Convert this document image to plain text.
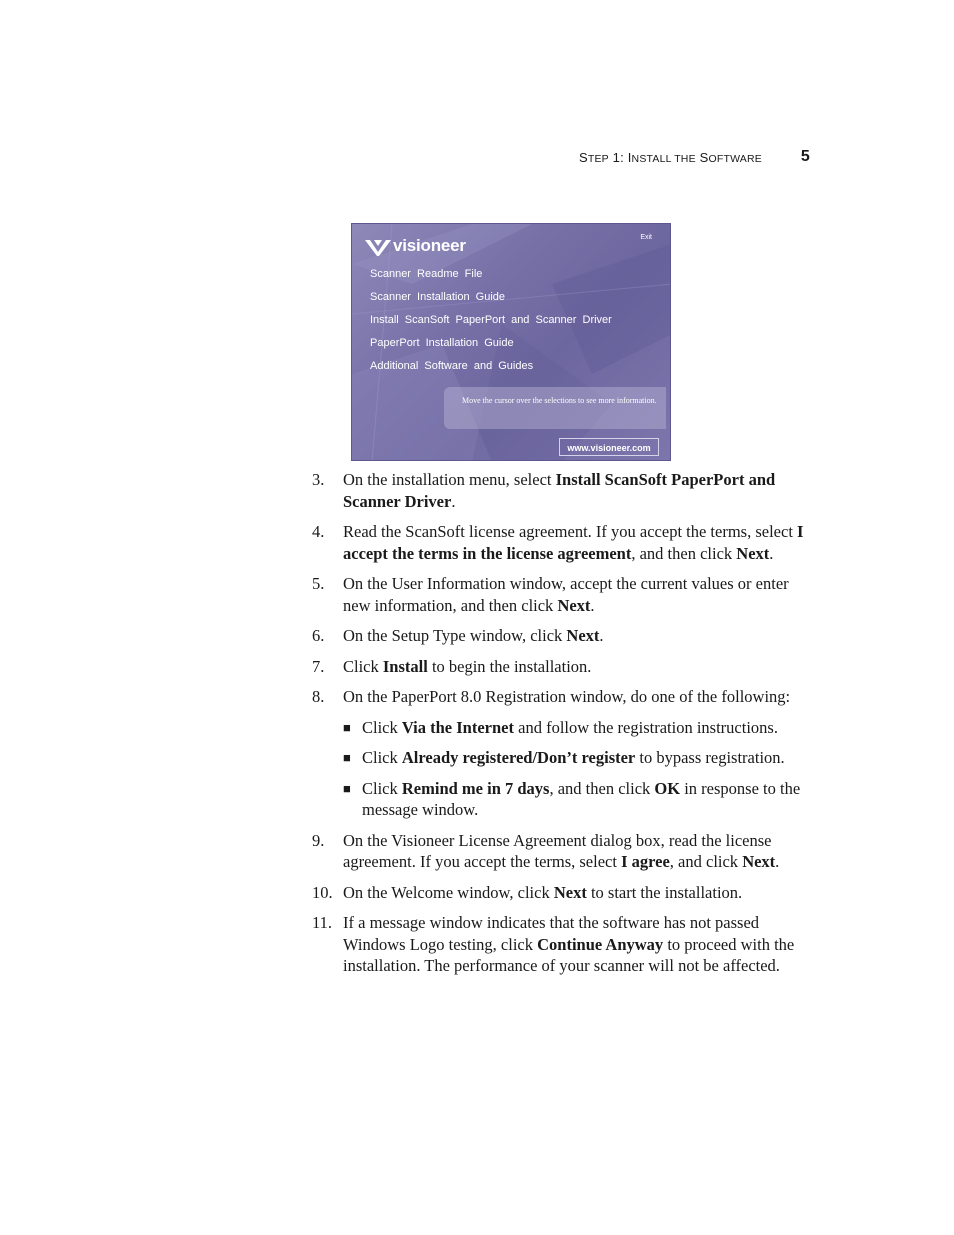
STEP 1: INSTALL THE SOFTWARE 5
visioneer	Exit
Scanner Readme File
Scanner Installation Guide
Install ScanSoft PaperPort and Scanner Driver
PaperPort Installation Guide
Additional Software and Guides
Move the cursor over the selections to see more information.
www.visioneer.com
3. On the installation menu, select Install ScanSoft PaperPort and Scanner Driver.
4. Read the ScanSoft license agreement. If you accept the terms, select I accept the terms in the license agreement, and then click Next.
5. On the User Information window, accept the current values or enter new information, and then click Next.
6. On the Setup Type window, click Next.
7. Click Install to begin the installation.
8. On the PaperPort 8.0 Registration window, do one of the following:
■ Click Via the Internet and follow the registration instructions.
■ Click Already registered/Don’t register to bypass registration.
■ Click Remind me in 7 days, and then click OK in response to the message window.
9. On the Visioneer License Agreement dialog box, read the license agreement. If you accept the terms, select I agree, and click Next.
10. On the Welcome window, click Next to start the installation.
11. If a message window indicates that the software has not passed Windows Logo testing, click Continue Anyway to proceed with the installation. The performance of your scanner will not be affected.
